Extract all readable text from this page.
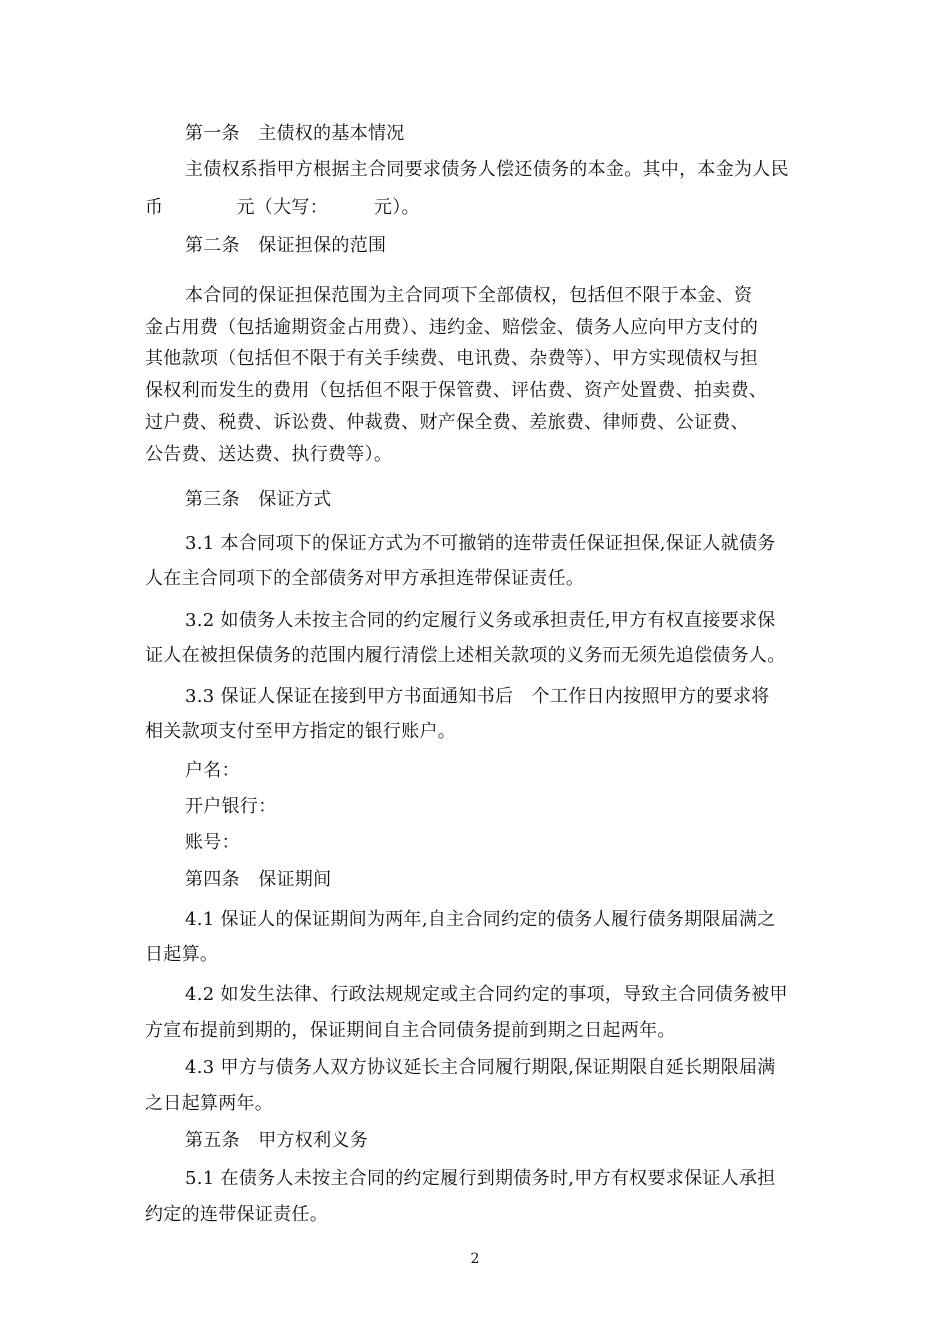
第一条　主债权的基本情况
主债权系指甲方根据主合同要求债务人偿还债务的本金。其中，本金为人民
币　　　　元（大写：　　　元）。
第二条　保证担保的范围
本合同的保证担保范围为主合同项下全部债权，包括但不限于本金、资
金占用费（包括逾期资金占用费）、违约金、赔偿金、债务人应向甲方支付的
其他款项（包括但不限于有关手续费、电讯费、杂费等）、甲方实现债权与担
保权利而发生的费用（包括但不限于保管费、评估费、资产处置费、拍卖费、
过户费、税费、诉讼费、仲裁费、财产保全费、差旅费、律师费、公证费、
公告费、送达费、执行费等）。
第三条　保证方式
3.1 本合同项下的保证方式为不可撤销的连带责任保证担保,保证人就债务
人在主合同项下的全部债务对甲方承担连带保证责任。
3.2 如债务人未按主合同的约定履行义务或承担责任,甲方有权直接要求保
证人在被担保债务的范围内履行清偿上述相关款项的义务而无须先追偿债务人。
3.3 保证人保证在接到甲方书面通知书后　个工作日内按照甲方的要求将
相关款项支付至甲方指定的银行账户。
户名：
开户银行：
账号：
第四条　保证期间
4.1 保证人的保证期间为两年,自主合同约定的债务人履行债务期限届满之
日起算。
4.2 如发生法律、行政法规规定或主合同约定的事项，导致主合同债务被甲
方宣布提前到期的，保证期间自主合同债务提前到期之日起两年。
4.3 甲方与债务人双方协议延长主合同履行期限,保证期限自延长期限届满
之日起算两年。
第五条　甲方权利义务
5.1 在债务人未按主合同的约定履行到期债务时,甲方有权要求保证人承担
约定的连带保证责任。
2
